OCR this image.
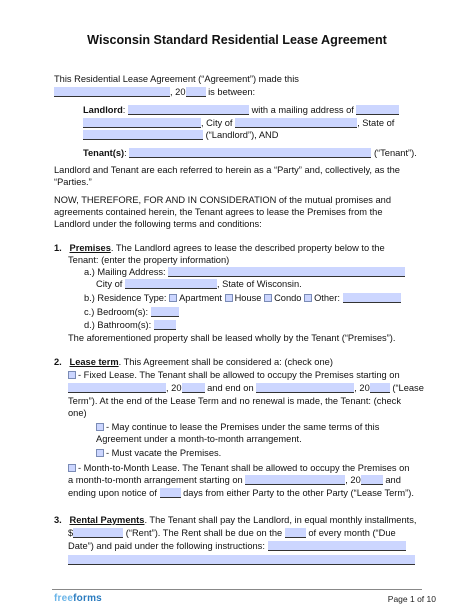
Wisconsin Standard Residential Lease Agreement
This Residential Lease Agreement (“Agreement”) made this
, 20 is between:
Landlord:	with a mailing address of
, City of	, State of
(“Landlord”), AND
Tenant(s):	(“Tenant”).
Landlord and Tenant are each referred to herein as a “Party” and, collectively, as the
“Parties.”
NOW, THEREFORE, FOR AND IN CONSIDERATION of the mutual promises and
agreements contained herein, the Tenant agrees to lease the Premises from the
Landlord under the following terms and conditions:
1. Premises. The Landlord agrees to lease the described property below to the
Tenant: (enter the property information)
a.) Mailing Address:
City of	, State of Wisconsin.
b.) Residence Type: Apartment House Condo Other:
c.) Bedroom(s):
d.) Bathroom(s):
The aforementioned property shall be leased wholly by the Tenant (“Premises”).
2. Lease term. This Agreement shall be considered a: (check one)
- Fixed Lease. The Tenant shall be allowed to occupy the Premises starting on
, 20	and end on	, 20 (“Lease
Term”). At the end of the Lease Term and no renewal is made, the Tenant: (check
one)
- May continue to lease the Premises under the same terms of this
Agreement under a month-to-month arrangement.
- Must vacate the Premises.
- Month-to-Month Lease. The Tenant shall be allowed to occupy the Premises on
a month-to-month arrangement starting on	, 20	and
ending upon notice of	days from either Party to the other Party (“Lease Term”).
3. Rental Payments. The Tenant shall pay the Landlord, in equal monthly installments,
$	(“Rent”). The Rent shall be due on the	of every month (“Due
Date”) and paid under the following instructions:
freeforms	Page 1 of 10
